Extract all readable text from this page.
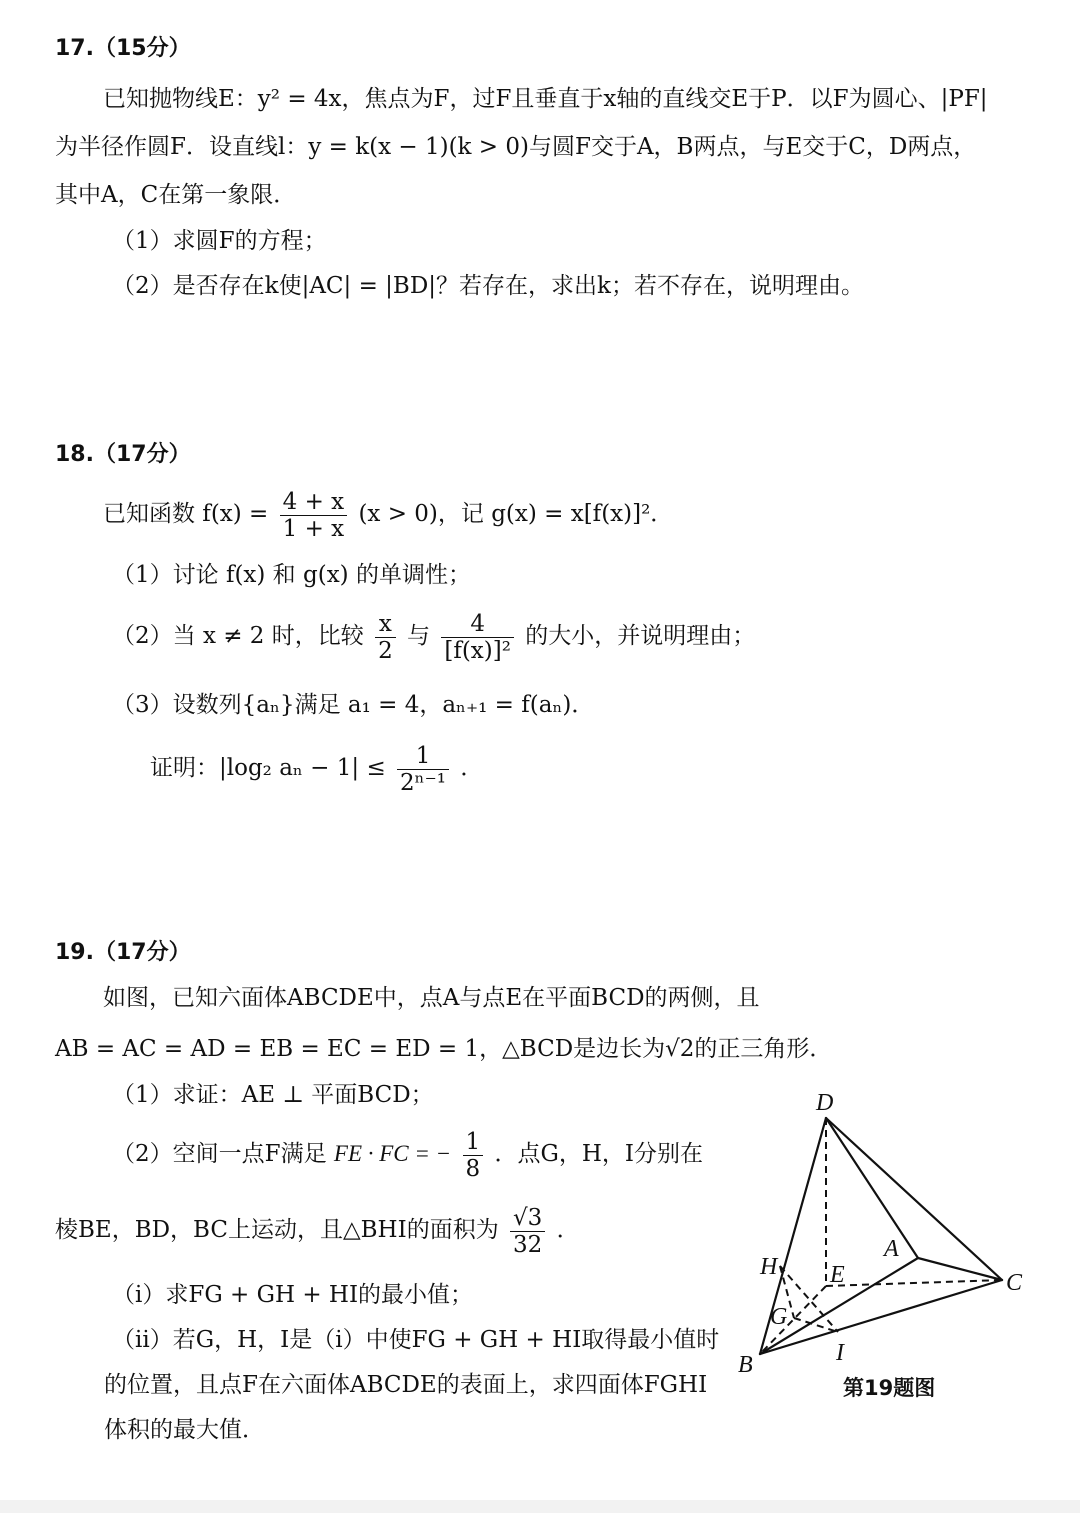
17.（15分）
已知抛物线E：y² = 4x，焦点为F，过F且垂直于x轴的直线交E于P．以F为圆心、|PF|
为半径作圆F．设直线l：y = k(x − 1)(k > 0)与圆F交于A，B两点，与E交于C，D两点，
其中A，C在第一象限．
（1）求圆F的方程；
（2）是否存在k使|AC| = |BD|？若存在，求出k；若不存在，说明理由。
18.（17分）
已知函数 $f(x) = \frac{4 + x}{1 + x} (x > 0)$，记 g(x) = x[f(x)]²．
（1）讨论 f(x) 和 g(x) 的单调性；
（2）当 x ≠ 2 时，比较 $\frac{x}{2}$ 与 $\frac{4}{\text{[f(x)]²}}$ 的大小，并说明理由；
（3）设数列{aₙ}满足 a₁ = 4，aₙ₊₁ = f(aₙ)．
证明：|log₂ $a_n - 1| \le \frac{1}{\text{2ⁿ⁻¹}}$ ．
19.（17分）
如图，已知六面体ABCDE中，点A与点E在平面BCD的两侧，且
AB = AC = AD = EB = EC = ED = 1，△BCD是边长为√2的正三角形．
（1）求证：AE ⊥ 平面BCD；
（2）空间一点F满足 FE · FC = − $\frac{1}{8}$ ．点G，H，I分别在
棱BE，BD，BC上运动，且△BHI的面积为 $\frac{√3}{32}$ ．
（i）求FG + GH + HI的最小值；
（ii）若G，H，I是（i）中使FG + GH + HI取得最小值时
的位置，且点F在六面体ABCDE的表面上，求四面体FGHI
体积的最大值．
D
A
H E	C
G
B	I
第19题图
